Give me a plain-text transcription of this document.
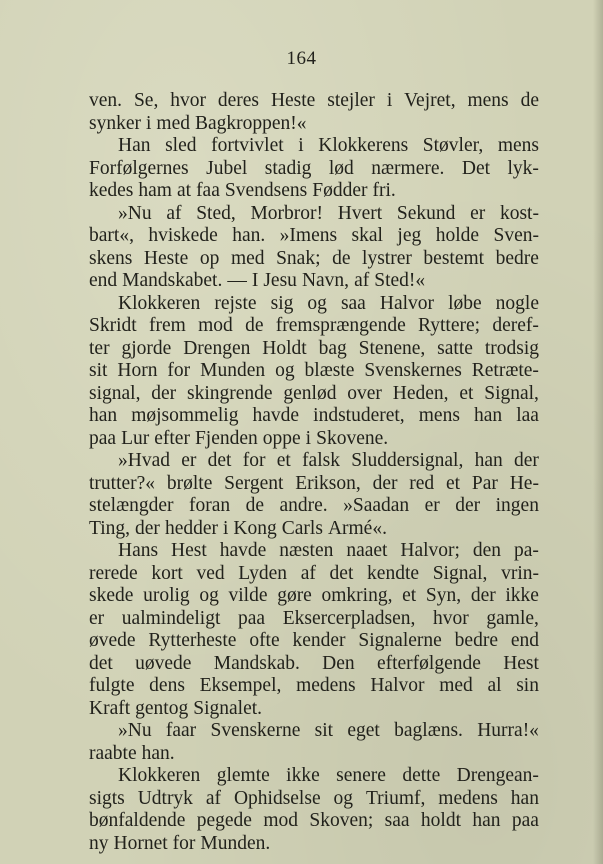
164
ven. Se, hvor deres Heste stejler i Vejret, mens de
synker i med Bagkroppen!«
Han sled fortvivlet i Klokkerens Støvler, mens
Forfølgernes Jubel stadig lød nærmere. Det lyk-
kedes ham at faa Svendsens Fødder fri.
»Nu af Sted, Morbror! Hvert Sekund er kost-
bart«, hviskede han. »Imens skal jeg holde Sven-
skens Heste op med Snak; de lystrer bestemt bedre
end Mandskabet. — I Jesu Navn, af Sted!«
Klokkeren rejste sig og saa Halvor løbe nogle
Skridt frem mod de fremsprængende Ryttere; deref-
ter gjorde Drengen Holdt bag Stenene, satte trodsig
sit Horn for Munden og blæste Svenskernes Retræte-
signal, der skingrende genlød over Heden, et Signal,
han møjsommelig havde indstuderet, mens han laa
paa Lur efter Fjenden oppe i Skovene.
»Hvad er det for et falsk Sluddersignal, han der
trutter?« brølte Sergent Erikson, der red et Par He-
stelængder foran de andre. »Saadan er der ingen
Ting, der hedder i Kong Carls Armé«.
Hans Hest havde næsten naaet Halvor; den pa-
rerede kort ved Lyden af det kendte Signal, vrin-
skede urolig og vilde gøre omkring, et Syn, der ikke
er ualmindeligt paa Eksercerpladsen, hvor gamle,
øvede Rytterheste ofte kender Signalerne bedre end
det uøvede Mandskab. Den efterfølgende Hest
fulgte dens Eksempel, medens Halvor med al sin
Kraft gentog Signalet.
»Nu faar Svenskerne sit eget baglæns. Hurra!«
raabte han.
Klokkeren glemte ikke senere dette Drengean-
sigts Udtryk af Ophidselse og Triumf, medens han
bønfaldende pegede mod Skoven; saa holdt han paa
ny Hornet for Munden.
